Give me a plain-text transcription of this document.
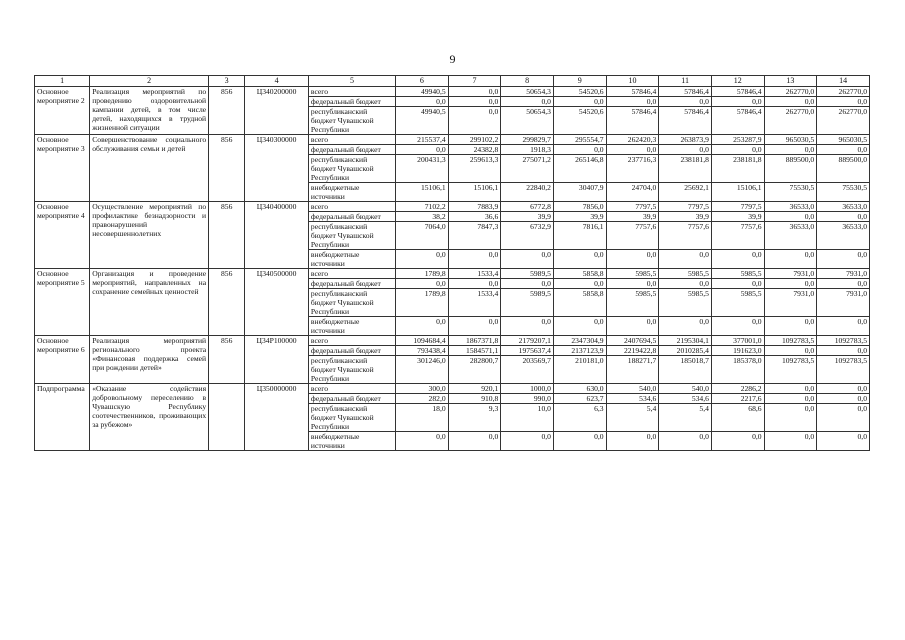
9
1	2	3	4	5	6	7	8	9	10	11	12	13	14
Основное мероприятие 2	Реализация мероприятий по проведению оздоровительной кампании детей, в том числе детей, находящихся в трудной жизненной ситуации	856	Ц340200000	всего	49940,5	0,0	50654,3	54520,6	57846,4	57846,4	57846,4	262770,0	262770,0
				федеральный бюджет	0,0	0,0	0,0	0,0	0,0	0,0	0,0	0,0	0,0
				республиканский бюджет Чувашской Республики	49940,5	0,0	50654,3	54520,6	57846,4	57846,4	57846,4	262770,0	262770,0
Основное мероприятие 3	Совершенствование социального обслуживания семьи и детей	856	Ц340300000	всего	215537,4	299102,2	299829,7	295554,7	262420,3	263873,9	253287,9	965030,5	965030,5
				федеральный бюджет	0,0	24382,8	1918,3	0,0	0,0	0,0	0,0	0,0	0,0
				республиканский бюджет Чувашской Республики	200431,3	259613,3	275071,2	265146,8	237716,3	238181,8	238181,8	889500,0	889500,0
				внебюджетные источники	15106,1	15106,1	22840,2	30407,9	24704,0	25692,1	15106,1	75530,5	75530,5
Основное мероприятие 4	Осуществление мероприятий по профилактике безнадзорности и правонарушений несовершеннолетних	856	Ц340400000	всего	7102,2	7883,9	6772,8	7856,0	7797,5	7797,5	7797,5	36533,0	36533,0
				федеральный бюджет	38,2	36,6	39,9	39,9	39,9	39,9	39,9	0,0	0,0
				республиканский бюджет Чувашской Республики	7064,0	7847,3	6732,9	7816,1	7757,6	7757,6	7757,6	36533,0	36533,0
				внебюджетные источники	0,0	0,0	0,0	0,0	0,0	0,0	0,0	0,0	0,0
Основное мероприятие 5	Организация и проведение мероприятий, направленных на сохранение семейных ценностей	856	Ц340500000	всего	1789,8	1533,4	5989,5	5858,8	5985,5	5985,5	5985,5	7931,0	7931,0
				федеральный бюджет	0,0	0,0	0,0	0,0	0,0	0,0	0,0	0,0	0,0
				республиканский бюджет Чувашской Республики	1789,8	1533,4	5989,5	5858,8	5985,5	5985,5	5985,5	7931,0	7931,0
				внебюджетные источники	0,0	0,0	0,0	0,0	0,0	0,0	0,0	0,0	0,0
Основное мероприятие 6	Реализация мероприятий регионального проекта «Финансовая поддержка семей при рождении детей»	856	Ц34P100000	всего	1094684,4	1867371,8	2179207,1	2347304,9	2407694,5	2195304,1	377001,0	1092783,5	1092783,5
				федеральный бюджет	793438,4	1584571,1	1975637,4	2137123,9	2219422,8	2010285,4	191623,0	0,0	0,0
				республиканский бюджет Чувашской Республики	301246,0	282800,7	203569,7	210181,0	188271,7	185018,7	185378,0	1092783,5	1092783,5
Подпрограмма	«Оказание содействия добровольному переселению в Чувашскую Республику соотечественников, проживающих за рубежом»		Ц350000000	всего	300,0	920,1	1000,0	630,0	540,0	540,0	2286,2	0,0	0,0
				федеральный бюджет	282,0	910,8	990,0	623,7	534,6	534,6	2217,6	0,0	0,0
				республиканский бюджет Чувашской Республики	18,0	9,3	10,0	6,3	5,4	5,4	68,6	0,0	0,0
				внебюджетные источники	0,0	0,0	0,0	0,0	0,0	0,0	0,0	0,0	0,0
